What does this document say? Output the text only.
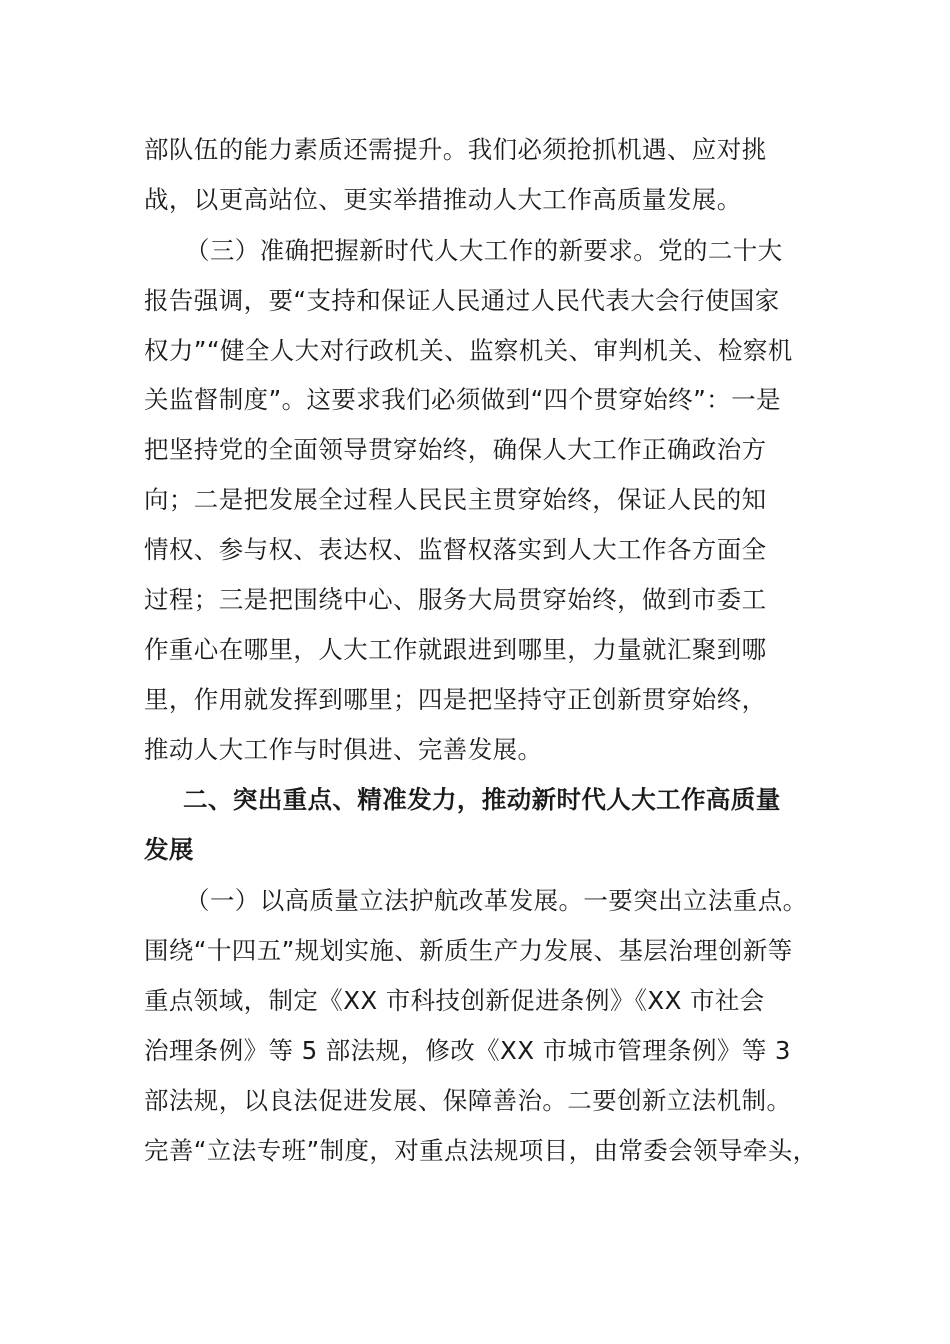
部队伍的能力素质还需提升。我们必须抢抓机遇、应对挑
战，以更高站位、更实举措推动人大工作高质量发展。
（三）准确把握新时代人大工作的新要求。党的二十大
报告强调，要“支持和保证人民通过人民代表大会行使国家
权力”“健全人大对行政机关、监察机关、审判机关、检察机
关监督制度”。这要求我们必须做到“四个贯穿始终”：一是
把坚持党的全面领导贯穿始终，确保人大工作正确政治方
向；二是把发展全过程人民民主贯穿始终，保证人民的知
情权、参与权、表达权、监督权落实到人大工作各方面全
过程；三是把围绕中心、服务大局贯穿始终，做到市委工
作重心在哪里，人大工作就跟进到哪里，力量就汇聚到哪
里，作用就发挥到哪里；四是把坚持守正创新贯穿始终，
推动人大工作与时俱进、完善发展。
二、突出重点、精准发力，推动新时代人大工作高质量
发展
（一）以高质量立法护航改革发展。一要突出立法重点。
围绕“十四五”规划实施、新质生产力发展、基层治理创新等
重点领域，制定《XX 市科技创新促进条例》《XX 市社会
治理条例》等 5 部法规，修改《XX 市城市管理条例》等 3
部法规，以良法促进发展、保障善治。二要创新立法机制。
完善“立法专班”制度，对重点法规项目，由常委会领导牵头，
